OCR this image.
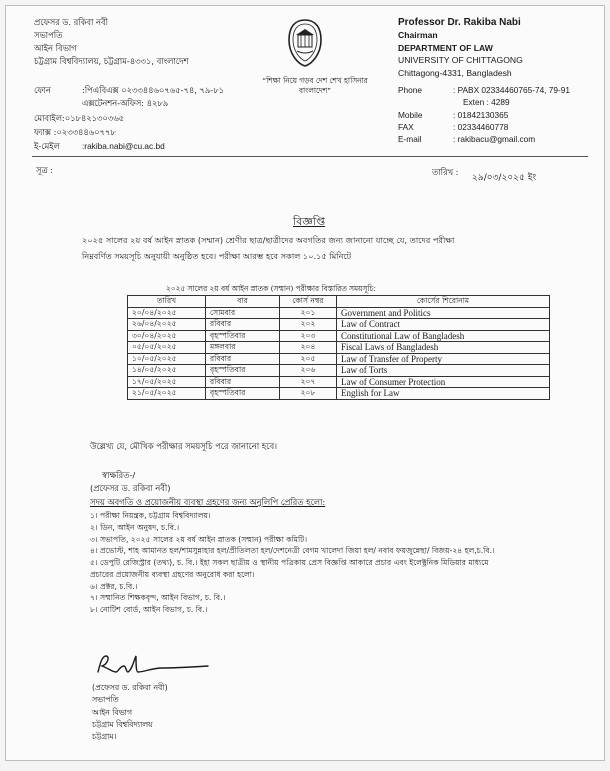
প্রফেসর ড. রকিবা নবী
সভাপতি
আইন বিভাগ
চট্টগ্রাম বিশ্ববিদ্যালয়, চট্টগ্রাম-৪৩৩১, বাংলাদেশ
ফোন	:পিএবিএক্স ০২৩৩৪৪৬০৭৬৫-৭৪, ৭৯-৮১
এক্সটেনশন-অফিস: ৪২৮৯
মোবাইল:০১৮৪২১৩০৩৬৫
ফ্যাক্স :০২৩৩৪৪৬০৭৭৮
ই-মেইল	:rakiba.nabi@cu.ac.bd
“শিক্ষা নিয়ে গড়ব দেশ শেখ হাসিনার বাংলাদেশ”
Professor Dr. Rakiba Nabi
Chairman
DEPARTMENT OF LAW
UNIVERSITY OF CHITTAGONG
Chittagong-4331, Bangladesh
Phone	: PABX 02334460765-74, 79-91
Exten : 4289
Mobile	: 01842130365
FAX	: 02334460778
E-mail	: rakibacu@gmail.com
সূত্র :	তারিখ :
২৯/০৩/২০২৫ ইং
বিজ্ঞপ্তি
২০২৫ সালের ২য় বর্ষ আইন স্নাতক (সম্মান) শ্রেণীর ছাত্র/ছাত্রীদের অবগতির জন্য জানানো যাচ্ছে যে, তাদের পরীক্ষা
নিম্নবর্ণিত সময়সূচি অনুযায়ী অনুষ্ঠিত হবে। পরীক্ষা আরম্ভ হবে সকাল ১০.১৫ মিনিটে
২০২৫ সালের ২য় বর্ষ আইন স্নাতক (সম্মান) পরীক্ষার বিস্তারিত সময়সূচি:
তারিখ	বার	কোর্স নম্বর	কোর্সের শিরোনাম
২০/০৪/২০২৫	সোমবার	২০১	Government and Politics
২৬/০৪/২০২৫	রবিবার	২০২	Law of Contract
৩০/০৪/২০২৫	বৃহস্পতিবার	২০৩	Constitutional Law of Bangladesh
০৫/০৫/২০২৫	মঙ্গলবার	২০৪	Fiscal Laws of Bangladesh
১০/০৫/২০২৫	রবিবার	২০৫	Law of Transfer of Property
১৪/০৫/২০২৫	বৃহস্পতিবার	২০৬	Law of Torts
১৭/০৫/২০২৫	রবিবার	২০৭	Law of Consumer Protection
২১/০৫/২০২৫	বৃহস্পতিবার	২০৮	English for Law
উল্লেখ্য যে, মৌখিক পরীক্ষার সময়সূচি পরে জানানো হবে।
স্বাক্ষরিত-/
(প্রফেসর ড. রকিবা নবী)
সদয় অবগতি ও প্রয়োজনীয় ব্যবস্থা গ্রহণের জন্য অনুলিপি প্রেরিত হলো:
১। পরীক্ষা নিয়ন্ত্রক, চট্টগ্রাম বিশ্ববিদ্যালয়।
২। ডিন, আইন অনুষদ, চ.বি.।
৩। সভাপতি, ২০২৫ সালের ২য় বর্ষ আইন স্নাতক (সম্মান) পরীক্ষা কমিটি।
৪। প্রভোস্ট, শাহ আমানত হল/শামসুন্নাহার হল/প্রীতিলতা হল/দেশনেত্রী বেগম খালেদা জিয়া হল/ নবাব ফয়জুন্নেছা/ বিজয়-২৪ হল,চ.বি.।
৫। ডেপুটি রেজিস্ট্রার (তথ্য), চ. বি.। ইহা সকল ছাত্রীয় ও স্থানীয় পত্রিকায় প্রেস বিজ্ঞপ্তি আকারে প্রচার এবং ইলেক্ট্রনিক মিডিয়ার মাধ্যমে
প্রচারের প্রয়োজনীয় ব্যবস্থা গ্রহণের অনুরোধ করা হলো।
৬। প্রক্টর, চ.বি.।
৭। সম্মানিত শিক্ষকবৃন্দ, আইন বিভাগ, চ. বি.।
৮। নোটিশ বোর্ড, আইন বিভাগ, চ. বি.।
(প্রফেসর ড. রকিবা নবী)
সভাপতি
আইন বিভাগ
চট্টগ্রাম বিশ্ববিদ্যালয়
চট্টগ্রাম।
